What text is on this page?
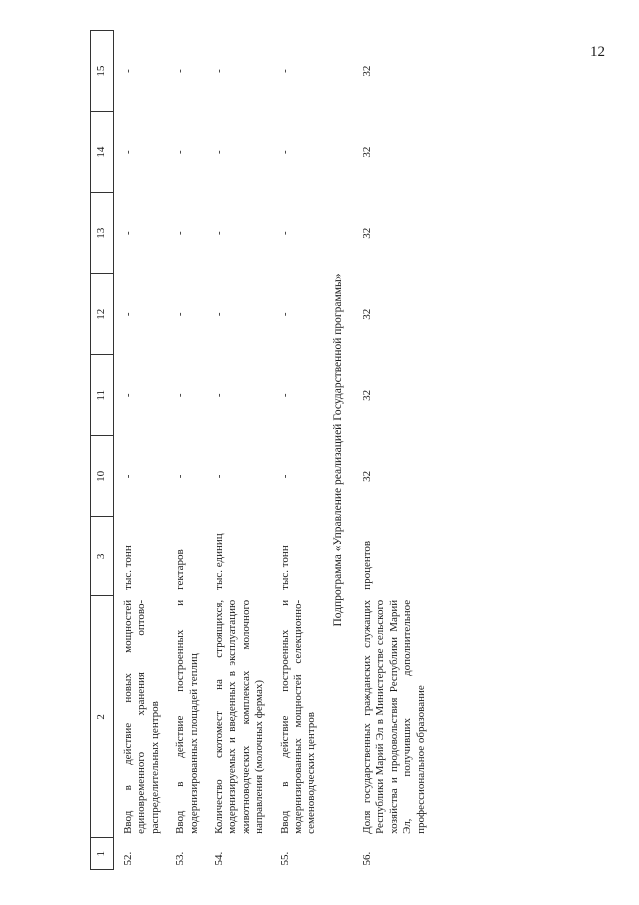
12
1	2	3	10	11	12	13	14	15
52.	Ввод в действие новых мощностей единовременного хранения оптово-распределительных центров	тыс. тонн	-	-	-	-	-	-
53.	Ввод в действие построенных и модернизированных площадей теплиц	гектаров	-	-	-	-	-	-
54.	Количество скотомест на строящихся, модернизируемых и введенных в эксплуатацию животноводческих комплексах молочного направления (молочных фермах)	тыс. единиц	-	-	-	-	-	-
55.	Ввод в действие построенных и модернизированных мощностей селекционно-семеноводческих центров	тыс. тонн	-	-	-	-	-	-
Подпрограмма «Управление реализацией Государственной программы»								
56.	Доля государственных гражданских служащих Республики Марий Эл в Министерстве сельского хозяйства и продовольствия Республики Марий Эл, получивших дополнительное профессиональное образование	процентов	32	32	32	32	32	32
